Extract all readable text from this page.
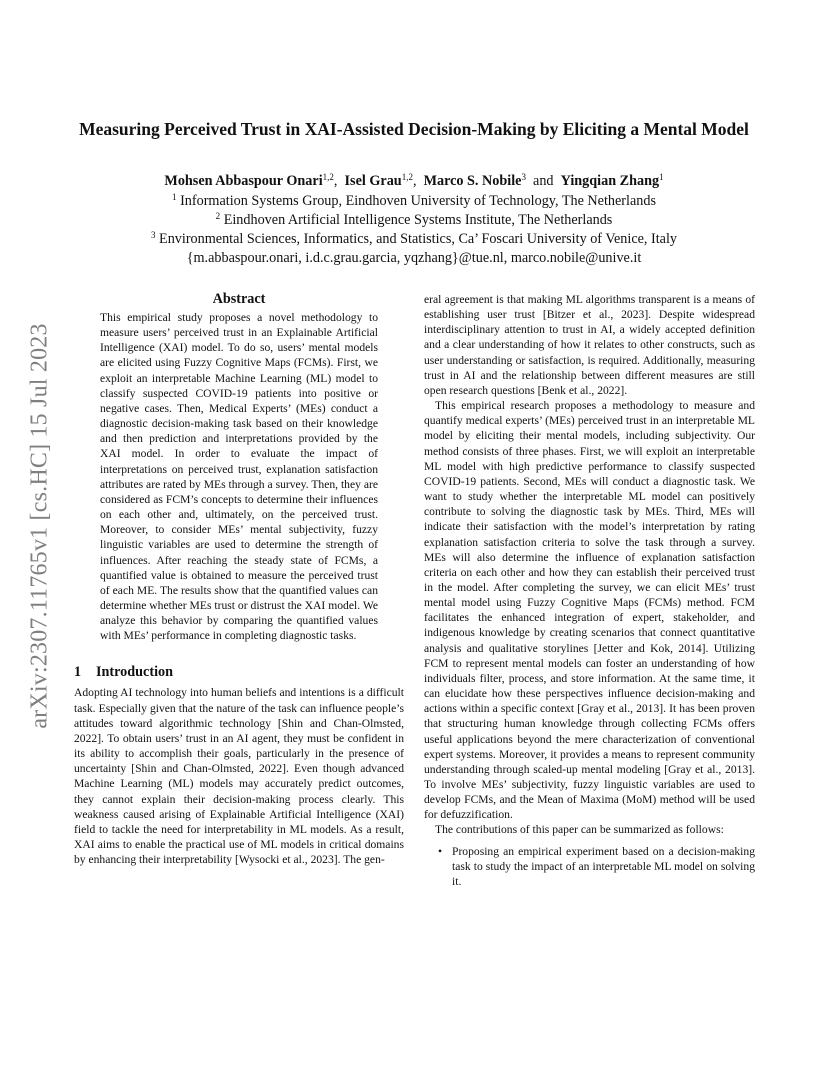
arXiv:2307.11765v1 [cs.HC] 15 Jul 2023
Measuring Perceived Trust in XAI-Assisted Decision-Making by Eliciting a Mental Model
Mohsen Abbaspour Onari$^{1,2}$, Isel Grau$^{1,2}$, Marco S. Nobile$^3$ and Yingqian Zhang$^1$
$^1$ Information Systems Group, Eindhoven University of Technology, The Netherlands
$^2$ Eindhoven Artificial Intelligence Systems Institute, The Netherlands
$^3$ Environmental Sciences, Informatics, and Statistics, Ca’ Foscari University of Venice, Italy
{m.abbaspour.onari, i.d.c.grau.garcia, yqzhang}@tue.nl, marco.nobile@unive.it
Abstract
This empirical study proposes a novel methodology to measure users’ perceived trust in an Explainable Artificial Intelligence (XAI) model. To do so, users’ mental models are elicited using Fuzzy Cognitive Maps (FCMs). First, we exploit an interpretable Machine Learning (ML) model to classify suspected COVID-19 patients into positive or negative cases. Then, Medical Experts’ (MEs) conduct a diagnostic decision-making task based on their knowledge and then prediction and interpretations provided by the XAI model. In order to evaluate the impact of interpretations on perceived trust, explanation satisfaction attributes are rated by MEs through a survey. Then, they are considered as FCM’s concepts to determine their influences on each other and, ultimately, on the perceived trust. Moreover, to consider MEs’ mental subjectivity, fuzzy linguistic variables are used to determine the strength of influences. After reaching the steady state of FCMs, a quantified value is obtained to measure the perceived trust of each ME. The results show that the quantified values can determine whether MEs trust or distrust the XAI model. We analyze this behavior by comparing the quantified values with MEs’ performance in completing diagnostic tasks.
1 Introduction

Adopting AI technology into human beliefs and intentions is a difficult task. Especially given that the nature of the task can influence people’s attitudes toward algorithmic technology [Shin and Chan-Olmsted, 2022]. To obtain users’ trust in an AI agent, they must be confident in its ability to accomplish their goals, particularly in the presence of uncertainty [Shin and Chan-Olmsted, 2022]. Even though advanced Machine Learning (ML) models may accurately predict outcomes, they cannot explain their decision-making process clearly. This weakness caused arising of Explainable Artificial Intelligence (XAI) field to tackle the need for interpretability in ML models. As a result, XAI aims to enable the practical use of ML models in critical domains by enhancing their interpretability [Wysocki et al., 2023]. The gen-

eral agreement is that making ML algorithms transparent is a means of establishing user trust [Bitzer et al., 2023]. Despite widespread interdisciplinary attention to trust in AI, a widely accepted definition and a clear understanding of how it relates to other constructs, such as user understanding or satisfaction, is required. Additionally, measuring trust in AI and the relationship between different measures are still open research questions [Benk et al., 2022].

This empirical research proposes a methodology to measure and quantify medical experts’ (MEs) perceived trust in an interpretable ML model by eliciting their mental models, including subjectivity. Our method consists of three phases. First, we will exploit an interpretable ML model with high predictive performance to classify suspected COVID-19 patients. Second, MEs will conduct a diagnostic task. We want to study whether the interpretable ML model can positively contribute to solving the diagnostic task by MEs. Third, MEs will indicate their satisfaction with the model’s interpretation by rating explanation satisfaction criteria to solve the task through a survey. MEs will also determine the influence of explanation satisfaction criteria on each other and how they can establish their perceived trust in the model. After completing the survey, we can elicit MEs’ trust mental model using Fuzzy Cognitive Maps (FCMs) method. FCM facilitates the enhanced integration of expert, stakeholder, and indigenous knowledge by creating scenarios that connect quantitative analysis and qualitative storylines [Jetter and Kok, 2014]. Utilizing FCM to represent mental models can foster an understanding of how individuals filter, process, and store information. At the same time, it can elucidate how these perspectives influence decision-making and actions within a specific context [Gray et al., 2013]. It has been proven that structuring human knowledge through collecting FCMs offers useful applications beyond the mere characterization of conventional expert systems. Moreover, it provides a means to represent community understanding through scaled-up mental modeling [Gray et al., 2013]. To involve MEs’ subjectivity, fuzzy linguistic variables are used to develop FCMs, and the Mean of Maxima (MoM) method will be used for defuzzification.

The contributions of this paper can be summarized as follows:

• Proposing an empirical experiment based on a decision-making task to study the impact of an interpretable ML model on solving it.
